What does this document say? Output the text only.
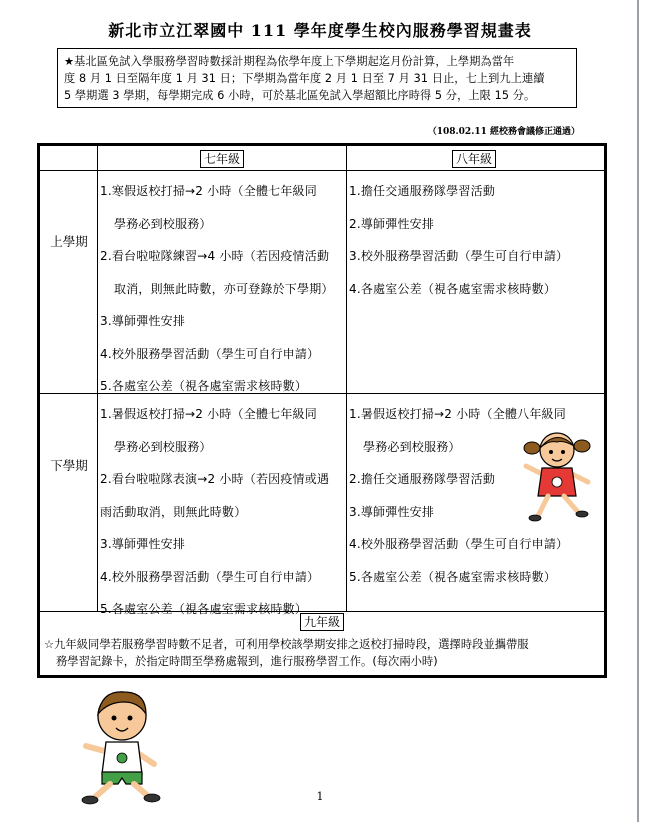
新北市立江翠國中 111 學年度學生校內服務學習規畫表
★基北區免試入學服務學習時數採計期程為依學年度上下學期起迄月份計算，上學期為當年
度 8 月 1 日至隔年度 1 月 31 日；下學期為當年度 2 月 1 日至 7 月 31 日止，七上到九上連續
5 學期選 3 學期，每學期完成 6 小時，可於基北區免試入學超額比序時得 5 分，上限 15 分。
（108.02.11 經校務會議修正通過）
七年級	八年級
上學期
下學期
1.寒假返校打掃→2 小時（全體七年級同
學務必到校服務）
2.看台啦啦隊練習→4 小時（若因疫情活動
取消，則無此時數，亦可登錄於下學期）
3.導師彈性安排
4.校外服務學習活動（學生可自行申請）
5.各處室公差（視各處室需求核時數）
1.擔任交通服務隊學習活動
2.導師彈性安排
3.校外服務學習活動（學生可自行申請）
4.各處室公差（視各處室需求核時數）
1.暑假返校打掃→2 小時（全體七年級同
學務必到校服務）
2.看台啦啦隊表演→2 小時（若因疫情或遇
雨活動取消，則無此時數）
3.導師彈性安排
4.校外服務學習活動（學生可自行申請）
5.各處室公差（視各處室需求核時數）
1.暑假返校打掃→2 小時（全體八年級同
學務必到校服務）
2.擔任交通服務隊學習活動
3.導師彈性安排
4.校外服務學習活動（學生可自行申請）
5.各處室公差（視各處室需求核時數）
九年級
☆九年級同學若服務學習時數不足者，可利用學校該學期安排之返校打掃時段，選擇時段並攜帶服
務學習記錄卡，於指定時間至學務處報到，進行服務學習工作。(每次兩小時)
1
